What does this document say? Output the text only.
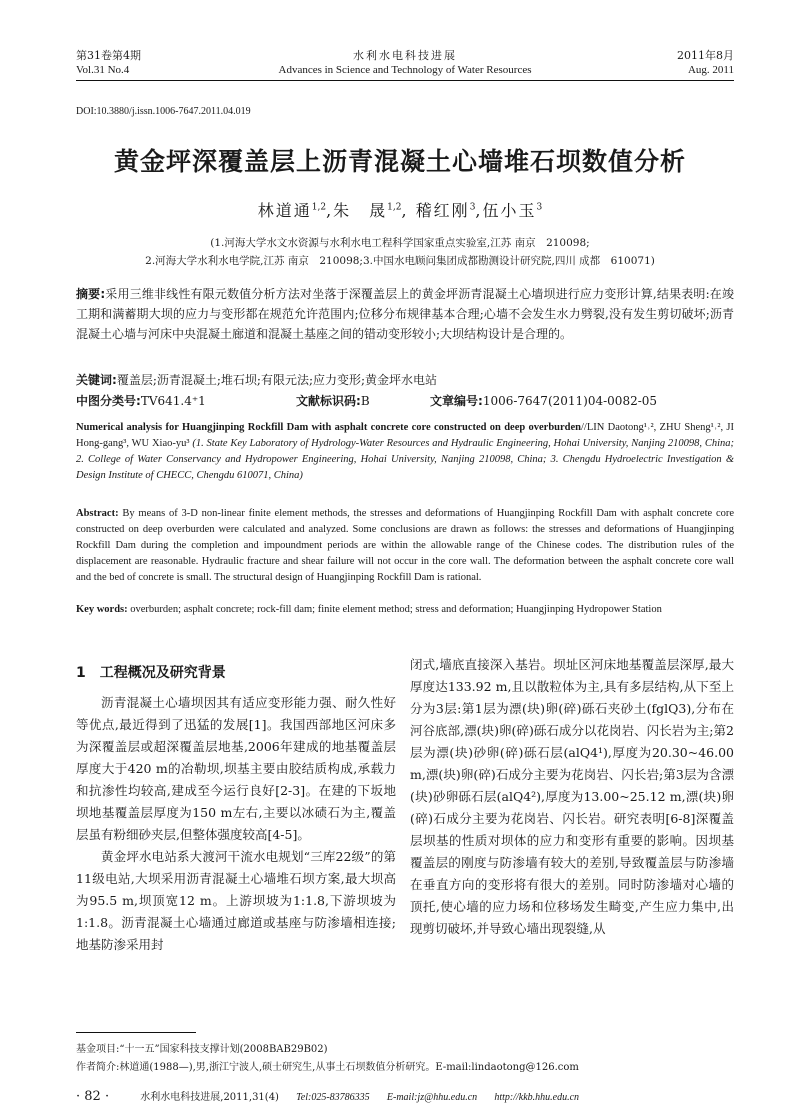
第31卷第4期
Vol.31 No.4
水利水电科技进展
Advances in Science and Technology of Water Resources
2011年8月
Aug. 2011
DOI:10.3880/j.issn.1006-7647.2011.04.019
黄金坪深覆盖层上沥青混凝土心墙堆石坝数值分析
林道通$^{1,2}$,朱　晟$^{1,2}$, 稽红刚$^3$,伍小玉$^3$
(1.河海大学水文水资源与水利水电工程科学国家重点实验室,江苏 南京　210098;
2.河海大学水利水电学院,江苏 南京　210098;3.中国水电顾问集团成都勘测设计研究院,四川 成都　610071)
摘要:采用三维非线性有限元数值分析方法对坐落于深覆盖层上的黄金坪沥青混凝土心墙坝进行应力变形计算,结果表明:在竣工期和满蓄期大坝的应力与变形都在规范允许范围内;位移分布规律基本合理;心墙不会发生水力劈裂,没有发生剪切破坏;沥青混凝土心墙与河床中央混凝土廊道和混凝土基座之间的错动变形较小;大坝结构设计是合理的。
关键词:覆盖层;沥青混凝土;堆石坝;有限元法;应力变形;黄金坪水电站
中图分类号:TV641.4⁺1	文献标识码:B	文章编号:1006-7647(2011)04-0082-05
Numerical analysis for Huangjinping Rockfill Dam with asphalt concrete core constructed on deep overburden//LIN Daotong¹˒², ZHU Sheng¹˒², JI Hong-gang³, WU Xiao-yu³ (1. State Key Laboratory of Hydrology-Water Resources and Hydraulic Engineering, Hohai University, Nanjing 210098, China; 2. College of Water Conservancy and Hydropower Engineering, Hohai University, Nanjing 210098, China; 3. Chengdu Hydroelectric Investigation & Design Institute of CHECC, Chengdu 610071, China)
Abstract: By means of 3-D non-linear finite element methods, the stresses and deformations of Huangjinping Rockfill Dam with asphalt concrete core constructed on deep overburden were calculated and analyzed. Some conclusions are drawn as follows: the stresses and deformations of Huangjinping Rockfill Dam during the completion and impoundment periods are within the allowable range of the Chinese codes. The distribution rules of the displacement are reasonable. Hydraulic fracture and shear failure will not occur in the core wall. The deformation between the asphalt concrete core wall and the bed of concrete is small. The structural design of Huangjinping Rockfill Dam is rational.
Key words: overburden; asphalt concrete; rock-fill dam; finite element method; stress and deformation; Huangjinping Hydropower Station
1　工程概况及研究背景

沥青混凝土心墙坝因其有适应变形能力强、耐久性好等优点,最近得到了迅猛的发展[1]。我国西部地区河床多为深覆盖层或超深覆盖层地基,2006年建成的地基覆盖层厚度大于420 m的冶勒坝,坝基主要由胶结质构成,承载力和抗渗性均较高,建成至今运行良好[2-3]。在建的下坂地坝地基覆盖层厚度为150 m左右,主要以冰碛石为主,覆盖层虽有粉细砂夹层,但整体强度较高[4-5]。

黄金坪水电站系大渡河干流水电规划“三库22级”的第11级电站,大坝采用沥青混凝土心墙堆石坝方案,最大坝高为95.5 m,坝顶宽12 m。上游坝坡为1:1.8,下游坝坡为1:1.8。沥青混凝土心墙通过廊道或基座与防渗墙相连接;地基防渗采用封

闭式,墙底直接深入基岩。坝址区河床地基覆盖层深厚,最大厚度达133.92 m,且以散粒体为主,具有多层结构,从下至上分为3层:第1层为漂(块)卵(碎)砾石夹砂土(fglQ3),分布在河谷底部,漂(块)卵(碎)砾石成分以花岗岩、闪长岩为主;第2层为漂(块)砂卵(碎)砾石层(alQ4¹),厚度为20.30~46.00 m,漂(块)卵(碎)石成分主要为花岗岩、闪长岩;第3层为含漂(块)砂卵砾石层(alQ4²),厚度为13.00~25.12 m,漂(块)卵(碎)石成分主要为花岗岩、闪长岩。研究表明[6-8]深覆盖层坝基的性质对坝体的应力和变形有重要的影响。因坝基覆盖层的刚度与防渗墙有较大的差别,导致覆盖层与防渗墙在垂直方向的变形将有很大的差别。同时防渗墙对心墙的顶托,使心墙的应力场和位移场发生畸变,产生应力集中,出现剪切破坏,并导致心墙出现裂缝,从

基金项目:“十一五”国家科技支撑计划(2008BAB29B02)
作者简介:林道通(1988—),男,浙江宁波人,硕士研究生,从事土石坝数值分析研究。E-mail:lindaotong@126.com
· 82 ·	水利水电科技进展,2011,31(4) Tel:025-83786335 E-mail:jz@hhu.edu.cn http://kkb.hhu.edu.cn
